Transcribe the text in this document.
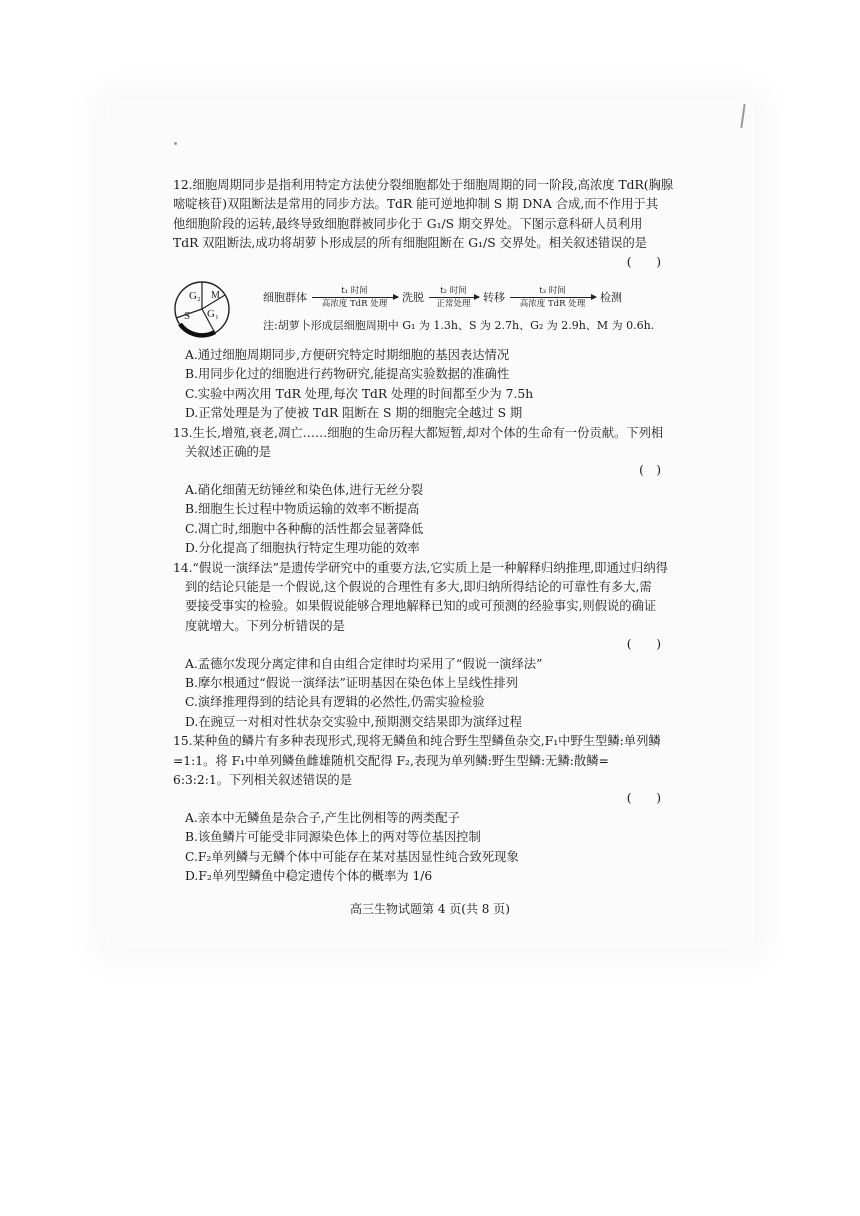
12.细胞周期同步是指利用特定方法使分裂细胞都处于细胞周期的同一阶段,高浓度 TdR(胸腺

嘧啶核苷)双阻断法是常用的同步方法。TdR 能可逆地抑制 S 期 DNA 合成,而不作用于其

他细胞阶段的运转,最终导致细胞群被同步化于 G₁/S 期交界处。下图示意科研人员利用

TdR 双阻断法,成功将胡萝卜形成层的所有细胞阻断在 G₁/S 交界处。相关叙述错误的是

(　　)

G₂ M
S G₁
细胞群体	t₁ 时间
高浓度 TdR 处理 洗脱 t₂ 时间
正常处理 转移	t₃ 时间
高浓度 TdR 处理 检测
注:胡萝卜形成层细胞周期中 G₁ 为 1.3h、S 为 2.7h、G₂ 为 2.9h、M 为 0.6h.

A.通过细胞周期同步,方便研究特定时期细胞的基因表达情况

B.用同步化过的细胞进行药物研究,能提高实验数据的准确性

C.实验中两次用 TdR 处理,每次 TdR 处理的时间都至少为 7.5h

D.正常处理是为了使被 TdR 阻断在 S 期的细胞完全越过 S 期

13.生长,增殖,衰老,凋亡……细胞的生命历程大都短暂,却对个体的生命有一份贡献。下列相

关叙述正确的是

(　)

A.硝化细菌无纺锤丝和染色体,进行无丝分裂

B.细胞生长过程中物质运输的效率不断提高

C.凋亡时,细胞中各种酶的活性都会显著降低

D.分化提高了细胞执行特定生理功能的效率

14.“假说一演绎法”是遗传学研究中的重要方法,它实质上是一种解释归纳推理,即通过归纳得

到的结论只能是一个假说,这个假说的合理性有多大,即归纳所得结论的可靠性有多大,需

要接受事实的检验。如果假说能够合理地解释已知的或可预测的经验事实,则假说的确证

度就增大。下列分析错误的是

(　　)

A.孟德尔发现分离定律和自由组合定律时均采用了“假说一演绎法”

B.摩尔根通过“假说一演绎法”证明基因在染色体上呈线性排列

C.演绎推理得到的结论具有逻辑的必然性,仍需实验检验

D.在豌豆一对相对性状杂交实验中,预期测交结果即为演绎过程

15.某种鱼的鳞片有多种表现形式,现将无鳞鱼和纯合野生型鳞鱼杂交,F₁中野生型鳞:单列鳞

=1:1。将 F₁中单列鳞鱼雌雄随机交配得 F₂,表现为单列鳞:野生型鳞:无鳞:散鳞=

6:3:2:1。下列相关叙述错误的是

(　　)

A.亲本中无鳞鱼是杂合子,产生比例相等的两类配子

B.该鱼鳞片可能受非同源染色体上的两对等位基因控制

C.F₂单列鳞与无鳞个体中可能存在某对基因显性纯合致死现象

D.F₂单列型鳞鱼中稳定遗传个体的概率为 1/6

高三生物试题第 4 页(共 8 页)
